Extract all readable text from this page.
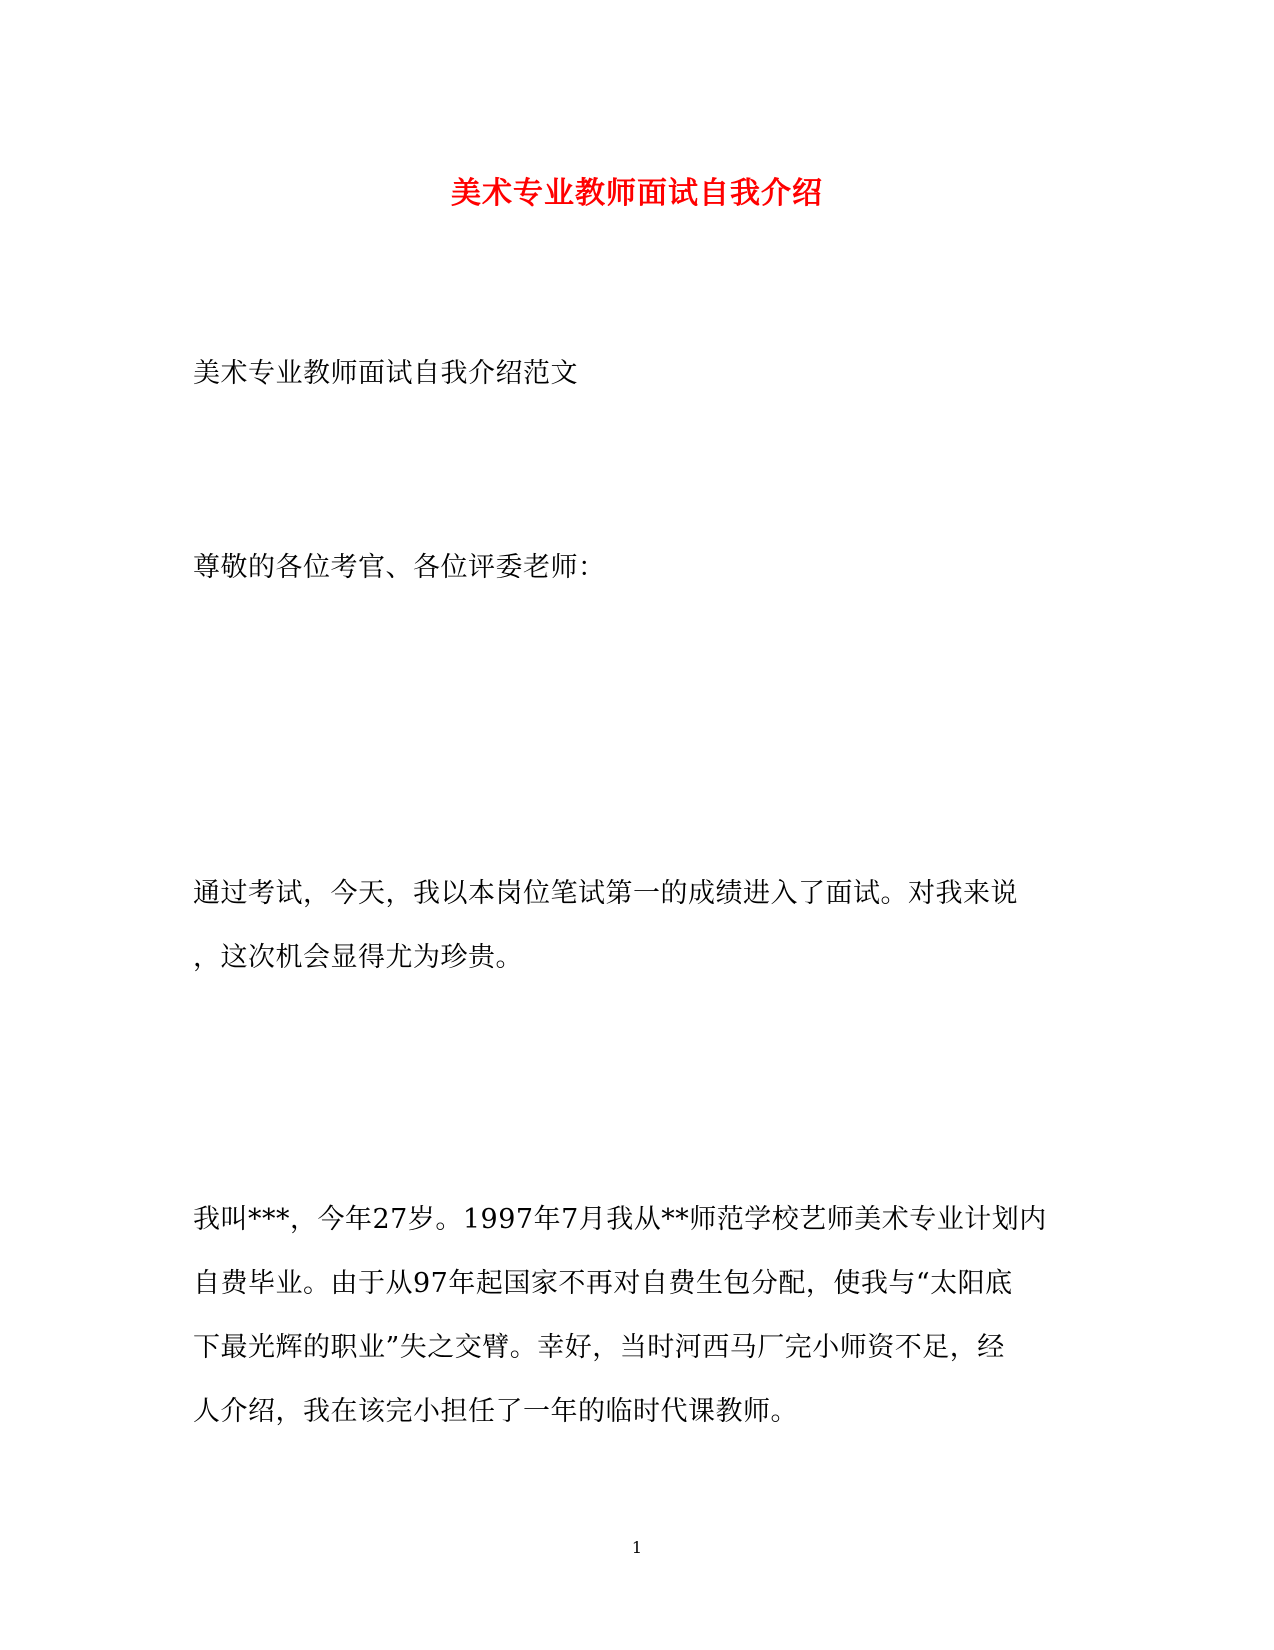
美术专业教师面试自我介绍
美术专业教师面试自我介绍范文
尊敬的各位考官、各位评委老师：
通过考试，今天，我以本岗位笔试第一的成绩进入了面试。对我来说
，这次机会显得尤为珍贵。
我叫***，今年27岁。1997年7月我从**师范学校艺师美术专业计划内
自费毕业。由于从97年起国家不再对自费生包分配，使我与“太阳底
下最光辉的职业”失之交臂。幸好，当时河西马厂完小师资不足，经
人介绍，我在该完小担任了一年的临时代课教师。
1
